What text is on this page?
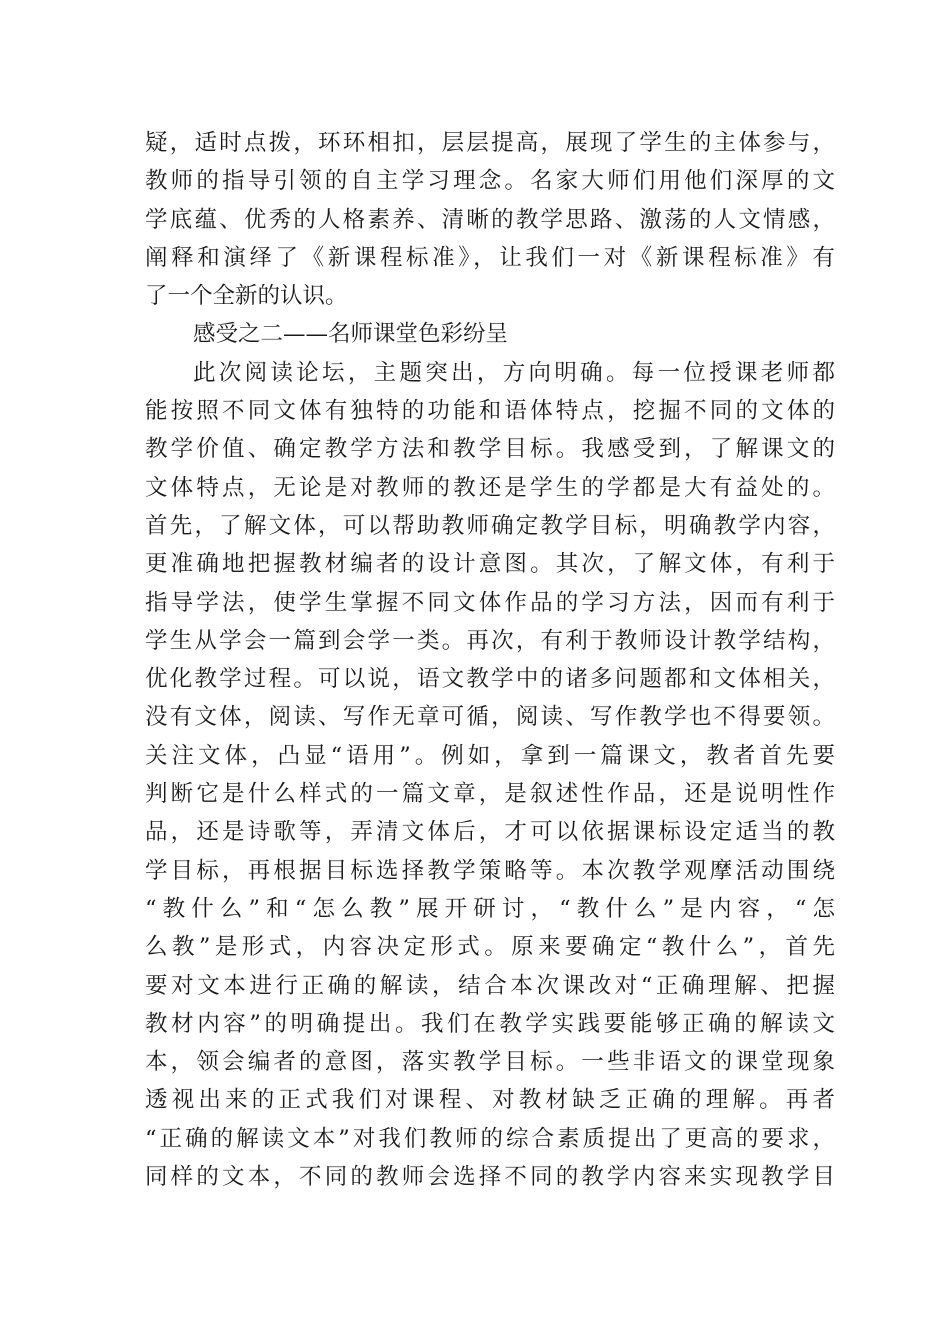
疑，适时点拨，环环相扣，层层提高，展现了学生的主体参与，
教师的指导引领的自主学习理念。名家大师们用他们深厚的文
学底蕴、优秀的人格素养、清晰的教学思路、激荡的人文情感，
阐释和演绎了《新课程标准》，让我们一对《新课程标准》有
了一个全新的认识。
感受之二——名师课堂色彩纷呈
此次阅读论坛，主题突出，方向明确。每一位授课老师都
能按照不同文体有独特的功能和语体特点，挖掘不同的文体的
教学价值、确定教学方法和教学目标。我感受到，了解课文的
文体特点，无论是对教师的教还是学生的学都是大有益处的。
首先，了解文体，可以帮助教师确定教学目标，明确教学内容，
更准确地把握教材编者的设计意图。其次，了解文体，有利于
指导学法，使学生掌握不同文体作品的学习方法，因而有利于
学生从学会一篇到会学一类。再次，有利于教师设计教学结构，
优化教学过程。可以说，语文教学中的诸多问题都和文体相关，
没有文体，阅读、写作无章可循，阅读、写作教学也不得要领。
关注文体，凸显“语用”。例如，拿到一篇课文，教者首先要
判断它是什么样式的一篇文章，是叙述性作品，还是说明性作
品，还是诗歌等，弄清文体后，才可以依据课标设定适当的教
学目标，再根据目标选择教学策略等。本次教学观摩活动围绕
“教什么”和“怎么教”展开研讨，“教什么”是内容，“怎
么教”是形式，内容决定形式。原来要确定“教什么”，首先
要对文本进行正确的解读，结合本次课改对“正确理解、把握
教材内容”的明确提出。我们在教学实践要能够正确的解读文
本，领会编者的意图，落实教学目标。一些非语文的课堂现象
透视出来的正式我们对课程、对教材缺乏正确的理解。再者
“正确的解读文本”对我们教师的综合素质提出了更高的要求，
同样的文本，不同的教师会选择不同的教学内容来实现教学目
